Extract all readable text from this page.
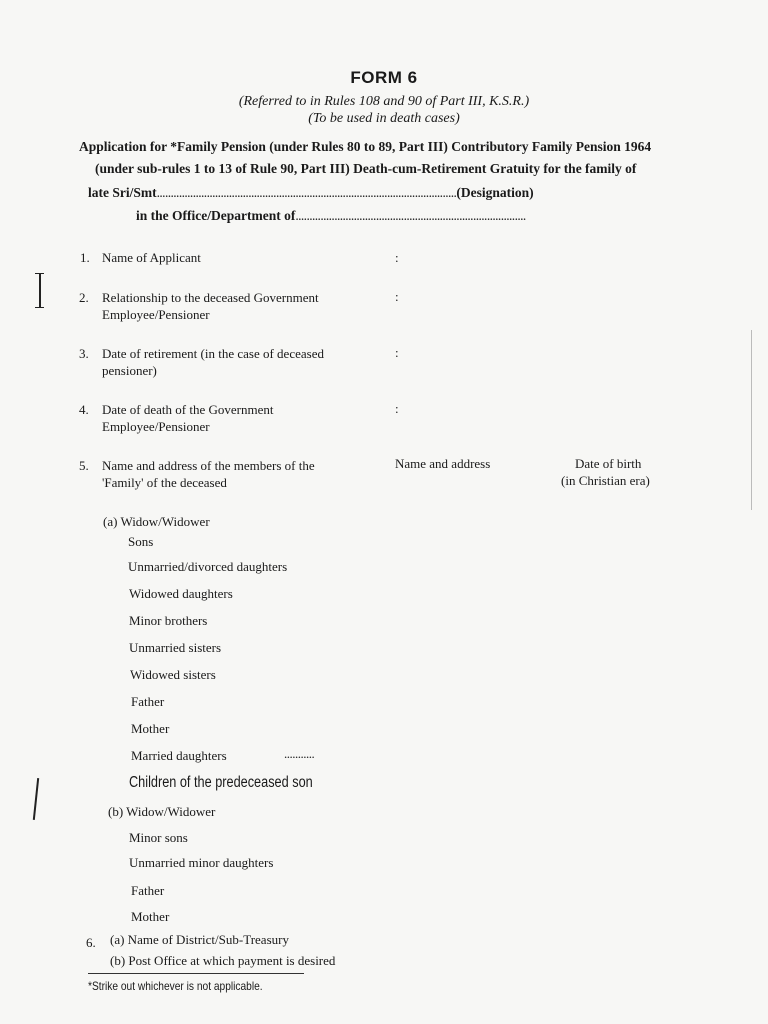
FORM 6
(Referred to in Rules 108 and 90 of Part III, K.S.R.)
(To be used in death cases)
Application for *Family Pension (under Rules 80 to 89, Part III) Contributory Family Pension 1964
(under sub-rules 1 to 13 of Rule 90, Part III) Death-cum-Retirement Gratuity for the family of
late Sri/Smt............................................................................................................(Designation)
in the Office/Department of...................................................................................
1. Name of Applicant	:
2. Relationship to the deceased Government
Employee/Pensioner
:
3. Date of retirement (in the case of deceased
pensioner)
:
4. Date of death of the Government
Employee/Pensioner
:
5. Name and address of the members of the
'Family' of the deceased
Name and address	Date of birth
(in Christian era)
(a) Widow/Widower
Sons
Unmarried/divorced daughters
Widowed daughters
Minor brothers
Unmarried sisters
Widowed sisters
Father
Mother
Married daughters	...........
Children of the predeceased son
(b) Widow/Widower
Minor sons
Unmarried minor daughters
Father
Mother
6. (a) Name of District/Sub-Treasury
(b) Post Office at which payment is desired
*Strike out whichever is not applicable.
